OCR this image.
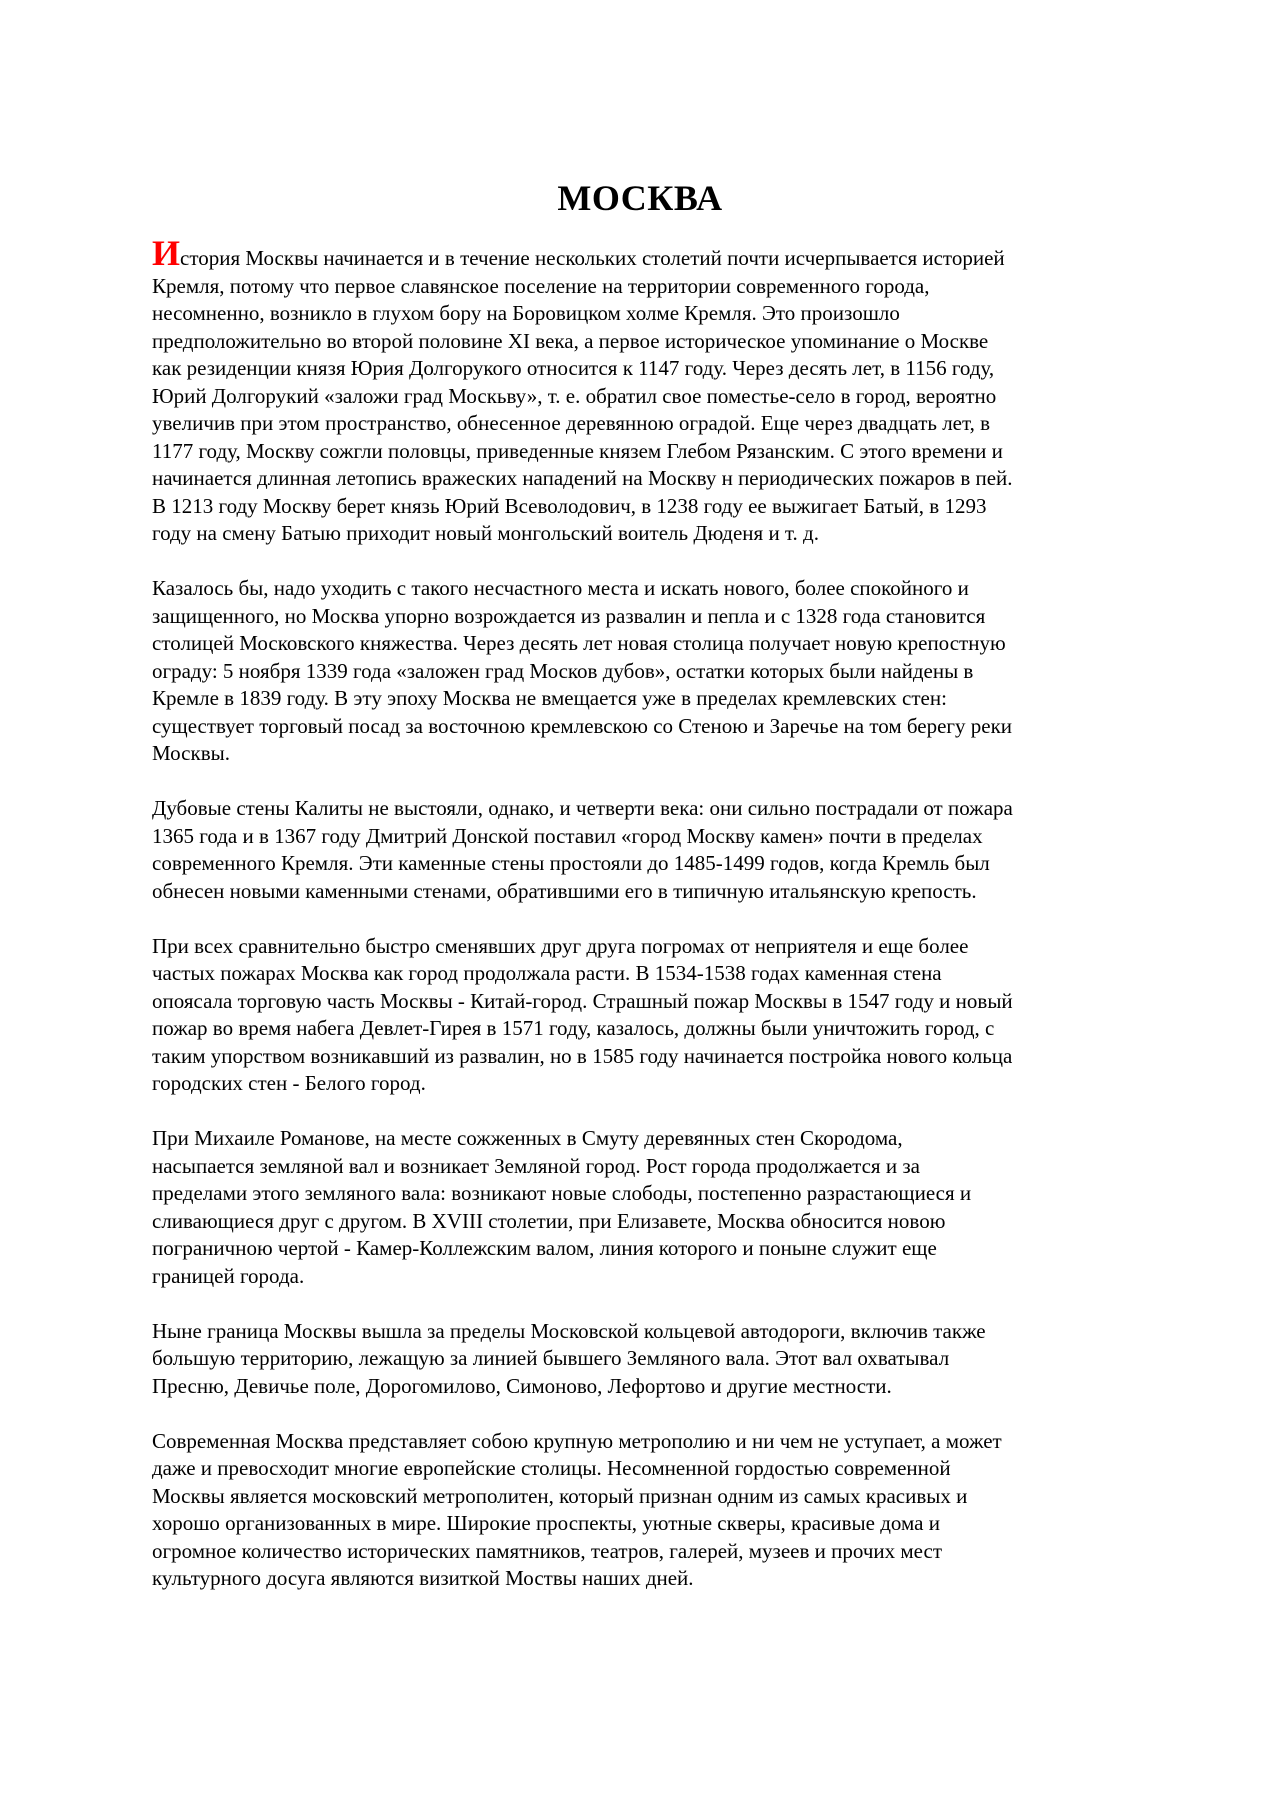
МОСКВА

История Москвы начинается и в течение нескольких столетий почти исчерпывается историей
Кремля, потому что первое славянское поселение на территории современного города,
несомненно, возникло в глухом бору на Боровицком холме Кремля. Это произошло
предположительно во второй половине XI века, а первое историческое упоминание о Москве
как резиденции князя Юрия Долгорукого относится к 1147 году. Через десять лет, в 1156 году,
Юрий Долгорукий «заложи град Москьву», т. е. обратил свое поместье-село в город, вероятно
увеличив при этом пространство, обнесенное деревянною оградой. Еще через двадцать лет, в
1177 году, Москву сожгли половцы, приведенные князем Глебом Рязанским. С этого времени и
начинается длинная летопись вражеских нападений на Москву н периодических пожаров в пей.
В 1213 году Москву берет князь Юрий Всеволодович, в 1238 году ее выжигает Батый, в 1293
году на смену Батыю приходит новый монгольский воитель Дюденя и т. д.

Казалось бы, надо уходить с такого несчастного места и искать нового, более спокойного и
защищенного, но Москва упорно возрождается из развалин и пепла и с 1328 года становится
столицей Московского княжества. Через десять лет новая столица получает новую крепостную
ограду: 5 ноября 1339 года «заложен град Москов дубов», остатки которых были найдены в
Кремле в 1839 году. В эту эпоху Москва не вмещается уже в пределах кремлевских стен:
существует торговый посад за восточною кремлевскою со Стеною и Заречье на том берегу реки
Москвы.

Дубовые стены Калиты не выстояли, однако, и четверти века: они сильно пострадали от пожара
1365 года и в 1367 году Дмитрий Донской поставил «город Москву камен» почти в пределах
современного Кремля. Эти каменные стены простояли до 1485-1499 годов, когда Кремль был
обнесен новыми каменными стенами, обратившими его в типичную итальянскую крепость.

При всех сравнительно быстро сменявших друг друга погромах от неприятеля и еще более
частых пожарах Москва как город продолжала расти. В 1534-1538 годах каменная стена
опоясала торговую часть Москвы - Китай-город. Страшный пожар Москвы в 1547 году и новый
пожар во время набега Девлет-Гирея в 1571 году, казалось, должны были уничтожить город, с
таким упорством возникавший из развалин, но в 1585 году начинается постройка нового кольца
городских стен - Белого город.

При Михаиле Романове, на месте сожженных в Смуту деревянных стен Скородома,
насыпается земляной вал и возникает Земляной город. Рост города продолжается и за
пределами этого земляного вала: возникают новые слободы, постепенно разрастающиеся и
сливающиеся друг с другом. В XVIII столетии, при Елизавете, Москва обносится новою
пограничною чертой - Камер-Коллежским валом, линия которого и поныне служит еще
границей города.

Ныне граница Москвы вышла за пределы Московской кольцевой автодороги, включив также
большую территорию, лежащую за линией бывшего Земляного вала. Этот вал охватывал
Пресню, Девичье поле, Дорогомилово, Симоново, Лефортово и другие местности.

Современная Москва представляет собою крупную метрополию и ни чем не уступает, а может
даже и превосходит многие европейские столицы. Несомненной гордостью современной
Москвы является московский метрополитен, который признан одним из самых красивых и
хорошо организованных в мире. Широкие проспекты, уютные скверы, красивые дома и
огромное количество исторических памятников, театров, галерей, музеев и прочих мест
культурного досуга являются визиткой Моствы наших дней.
